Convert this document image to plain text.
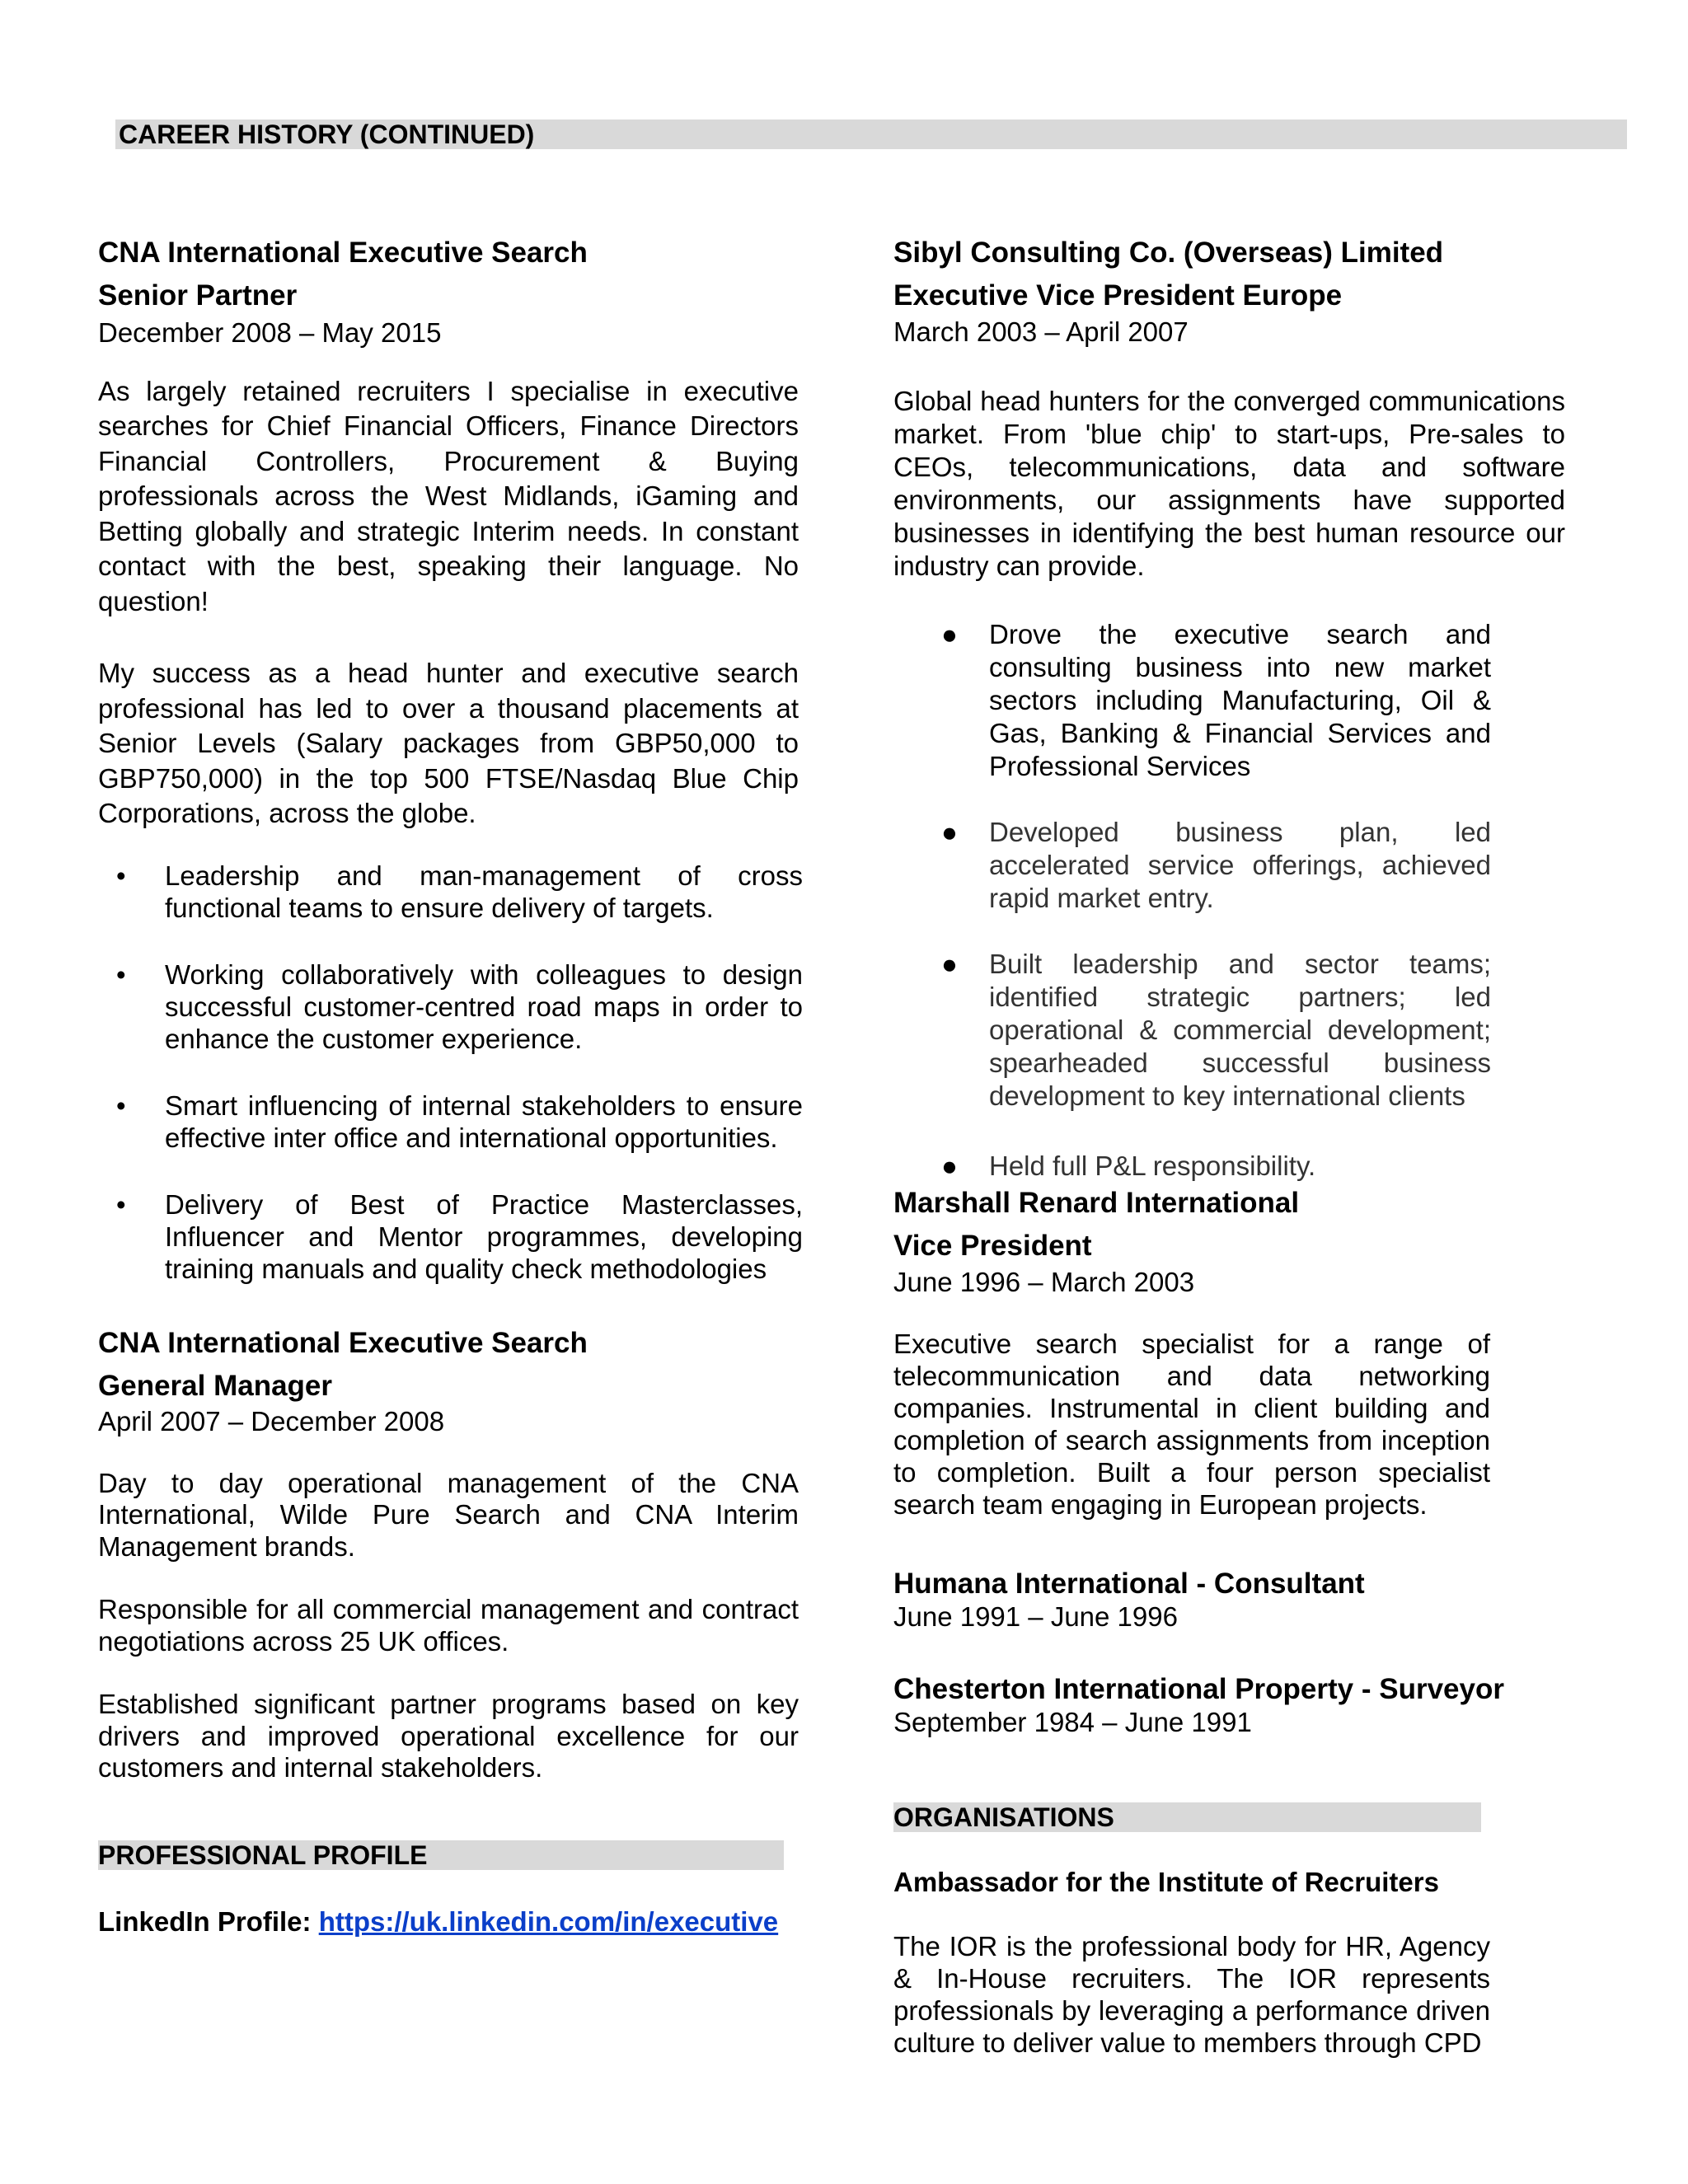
CAREER HISTORY (CONTINUED)

CNA International Executive Search

Senior Partner

December 2008 – May 2015

As largely retained recruiters I specialise in executive searches for Chief Financial Officers, Finance Directors Financial Controllers, Procurement & Buying professionals across the West Midlands, iGaming and Betting globally and strategic Interim needs. In constant contact with the best, speaking their language. No question!

My success as a head hunter and executive search professional has led to over a thousand placements at Senior Levels (Salary packages from GBP50,000 to GBP750,000) in the top 500 FTSE/Nasdaq Blue Chip Corporations, across the globe.

• Leadership and man-management of cross functional teams to ensure delivery of targets.
• Working collaboratively with colleagues to design successful customer-centred road maps in order to enhance the customer experience.
• Smart influencing of internal stakeholders to ensure effective inter office and international opportunities.
• Delivery of Best of Practice Masterclasses, Influencer and Mentor programmes, developing training manuals and quality check methodologies

CNA International Executive Search

General Manager

April 2007 – December 2008

Day to day operational management of the CNA International, Wilde Pure Search and CNA Interim Management brands.

Responsible for all commercial management and contract negotiations across 25 UK offices.

Established significant partner programs based on key drivers and improved operational excellence for our customers and internal stakeholders.

PROFESSIONAL PROFILE
LinkedIn Profile: https://uk.linkedin.com/in/executive

Sibyl Consulting Co. (Overseas) Limited

Executive Vice President Europe

March 2003 – April 2007

Global head hunters for the converged communications market. From 'blue chip' to start-ups, Pre-sales to CEOs, telecommunications, data and software environments, our assignments have supported businesses in identifying the best human resource our industry can provide.

● Drove the executive search and consulting business into new market sectors including Manufacturing, Oil & Gas, Banking & Financial Services and Professional Services
● Developed business plan, led accelerated service offerings, achieved rapid market entry.
● Built leadership and sector teams; identified strategic partners; led operational & commercial development; spearheaded successful business development to key international clients
● Held full P&L responsibility.

Marshall Renard International

Vice President

June 1996 – March 2003

Executive search specialist for a range of telecommunication and data networking companies. Instrumental in client building and completion of search assignments from inception to completion. Built a four person specialist search team engaging in European projects.

Humana International - Consultant

June 1991 – June 1996

Chesterton International Property - Surveyor

September 1984 – June 1991

ORGANISATIONS

Ambassador for the Institute of Recruiters

The IOR is the professional body for HR, Agency & In-House recruiters. The IOR represents professionals by leveraging a performance driven culture to deliver value to members through CPD
